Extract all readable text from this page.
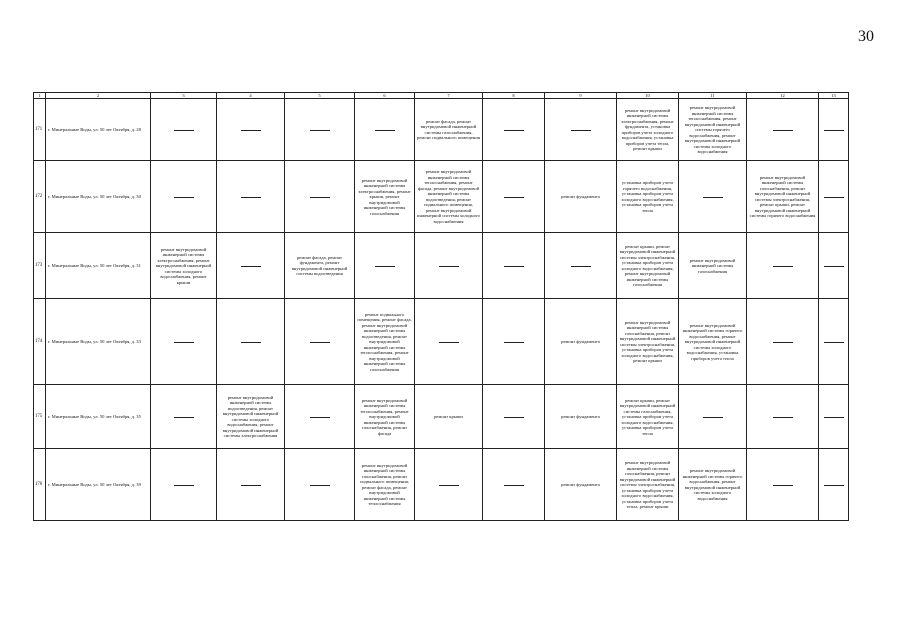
30
1	2	3	4	5	6	7	8	9	10	11	12	13
171	г. Минеральные Воды, ул. 50 лет Октября, д. 28					ремонт фасада, ремонт внутридомовой инженерной системы газоснабжения, ремонт подвального помещения			ремонт внутридомовой инженерной системы электроснабжения, ремонт фундамента, установка приборов учета холодного водоснабжения, установка приборов учета тепла, ремонт крыши	ремонт внутридомовой инженерной системы теплоснабжения, ремонт внутридомовой инженерной системы горячего водоснабжения, ремонт внутридомовой инженерной системы холодного водоснабжения		

172	г. Минеральные Воды, ул. 50 лет Октября, д. 30				ремонт внутридомовой инженерной системы электроснабжения, ремонт крыши, ремонт внутридомовой инженерной системы газоснабжения	ремонт внутридомовой инженерной системы теплоснабжения, ремонт фасада, ремонт внутридомовой инженерной системы водоотведения, ремонт подвального помещения, ремонт внутридомовой инженерной системы холодного водоснабжения		ремонт фундамента	установка приборов учета горячего водоснабжения, установка приборов учета холодного водоснабжения, установка приборов учета тепла		ремонт внутридомовой инженерной системы газоснабжения, ремонт внутридомовой инженерной системы электроснабжения, ремонт крыши, ремонт внутридомовой инженерной системы горячего водоснабжения	

173	г. Минеральные Воды, ул. 50 лет Октября, д. 31	ремонт внутридомовой инженерной системы электроснабжения, ремонт внутридомовой инженерной системы холодного водоснабжения, ремонт крыши		ремонт фасада, ремонт фундамента, ремонт внутридомовой инженерной системы водоотведения					ремонт крыши, ремонт внутридомовой инженерной системы электроснабжения, установка приборов учета холодного водоснабжения, ремонт внутридомовой инженерной системы газоснабжения	ремонт внутридомовой инженерной системы газоснабжения		

174	г. Минеральные Воды, ул. 50 лет Октября, д. 33				ремонт подвального помещения, ремонт фасада, ремонт внутридомовой инженерной системы водоотведения, ремонт внутридомовой инженерной системы теплоснабжения, ремонт внутридомовой инженерной системы газоснабжения			ремонт фундамента	ремонт внутридомовой инженерной системы газоснабжения, ремонт внутридомовой инженерной системы электроснабжения, установка приборов учета холодного водоснабжения, ремонт крыши	ремонт внутридомовой инженерной системы горячего водоснабжения, ремонт внутридомовой инженерной системы холодного водоснабжения, установка приборов учета тепла		

175	г. Минеральные Воды, ул. 50 лет Октября, д. 35		ремонт внутридомовой инженерной системы водоотведения, ремонт внутридомовой инженерной системы холодного водоснабжения, ремонт внутридомовой инженерной системы электроснабжения		ремонт внутридомовой инженерной системы теплоснабжения, ремонт внутридомовой инженерной системы газоснабжения, ремонт фасада	ремонт крыши		ремонт фундамента	ремонт крыши, ремонт внутридомовой инженерной системы газоснабжения, установка приборов учета холодного водоснабжения, установка приборов учета тепла			

176	г. Минеральные Воды, ул. 50 лет Октября, д. 39				ремонт внутридомовой инженерной системы газоснабжения, ремонт подвального помещения, ремонт фасада, ремонт внутридомовой инженерной системы теплоснабжения			ремонт фундамента	ремонт внутридомовой инженерной системы газоснабжения, ремонт внутридомовой инженерной системы электроснабжения, установка приборов учета холодного водоснабжения, установка приборов учета тепла, ремонт крыши	ремонт внутридомовой инженерной системы горячего водоснабжения, ремонт внутридомовой инженерной системы холодного водоснабжения		
